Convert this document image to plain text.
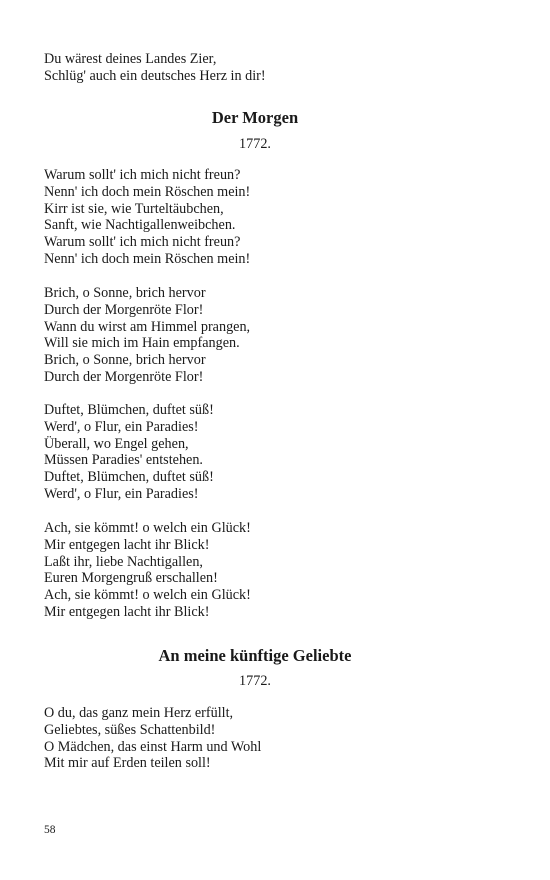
Du wärest deines Landes Zier,
Schlüg' auch ein deutsches Herz in dir!
Der Morgen
1772.
Warum sollt' ich mich nicht freun?
Nenn' ich doch mein Röschen mein!
Kirr ist sie, wie Turteltäubchen,
Sanft, wie Nachtigallenweibchen.
Warum sollt' ich mich nicht freun?
Nenn' ich doch mein Röschen mein!
Brich, o Sonne, brich hervor
Durch der Morgenröte Flor!
Wann du wirst am Himmel prangen,
Will sie mich im Hain empfangen.
Brich, o Sonne, brich hervor
Durch der Morgenröte Flor!
Duftet, Blümchen, duftet süß!
Werd', o Flur, ein Paradies!
Überall, wo Engel gehen,
Müssen Paradies' entstehen.
Duftet, Blümchen, duftet süß!
Werd', o Flur, ein Paradies!
Ach, sie kömmt! o welch ein Glück!
Mir entgegen lacht ihr Blick!
Laßt ihr, liebe Nachtigallen,
Euren Morgengruß erschallen!
Ach, sie kömmt! o welch ein Glück!
Mir entgegen lacht ihr Blick!
An meine künftige Geliebte
1772.
O du, das ganz mein Herz erfüllt,
Geliebtes, süßes Schattenbild!
O Mädchen, das einst Harm und Wohl
Mit mir auf Erden teilen soll!
58
